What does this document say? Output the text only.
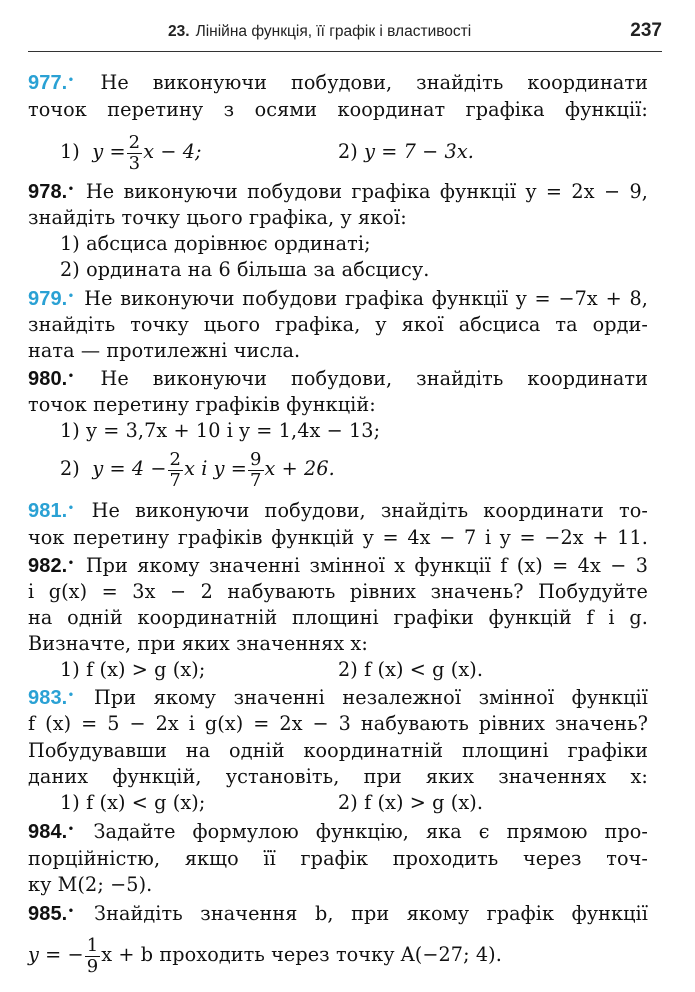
23. Лінійна функція, її графік і властивості	237
977.• Не виконуючи побудови, знайдіть координати
точок перетину з осями координат графіка функції:
1) $y = \frac{2}{3}$ x − 4;	2) y = 7 − 3x.
978.• Не виконуючи побудови графіка функції y = 2x − 9,
знайдіть точку цього графіка, у якої:
1) абсциса дорівнює ординаті;
2) ордината на 6 більша за абсцису.
979.• Не виконуючи побудови графіка функції y = −7x + 8,
знайдіть точку цього графіка, у якої абсциса та орди-
ната — протилежні числа.
980.• Не виконуючи побудови, знайдіть координати
точок перетину графіків функцій:
1) y = 3,7x + 10 і y = 1,4x − 13;
2) $y = 4 - \frac{2}{7}$ x і $y = \frac{9}{7}$ x + 26.
981.• Не виконуючи побудови, знайдіть координати то-
чок перетину графіків функцій y = 4x − 7 і y = −2x + 11.
982.• При якому значенні змінної x функції f (x) = 4x − 3
і g(x) = 3x − 2 набувають рівних значень? Побудуйте
на одній координатній площині графіки функцій f і g.
Визначте, при яких значеннях x:
1) f (x) > g (x);	2) f (x) < g (x).
983.• При якому значенні незалежної змінної функції
f (x) = 5 − 2x і g(x) = 2x − 3 набувають рівних значень?
Побудувавши на одній координатній площині графіки
даних функцій, установіть, при яких значеннях x:
1) f (x) < g (x);	2) f (x) > g (x).
984.• Задайте формулою функцію, яка є прямою про-
порційністю, якщо її графік проходить через точ-
ку M(2; −5).
985.• Знайдіть значення b, при якому графік функції
y = − $\frac{1}{9}$ x + b проходить через точку A(−27; 4).
